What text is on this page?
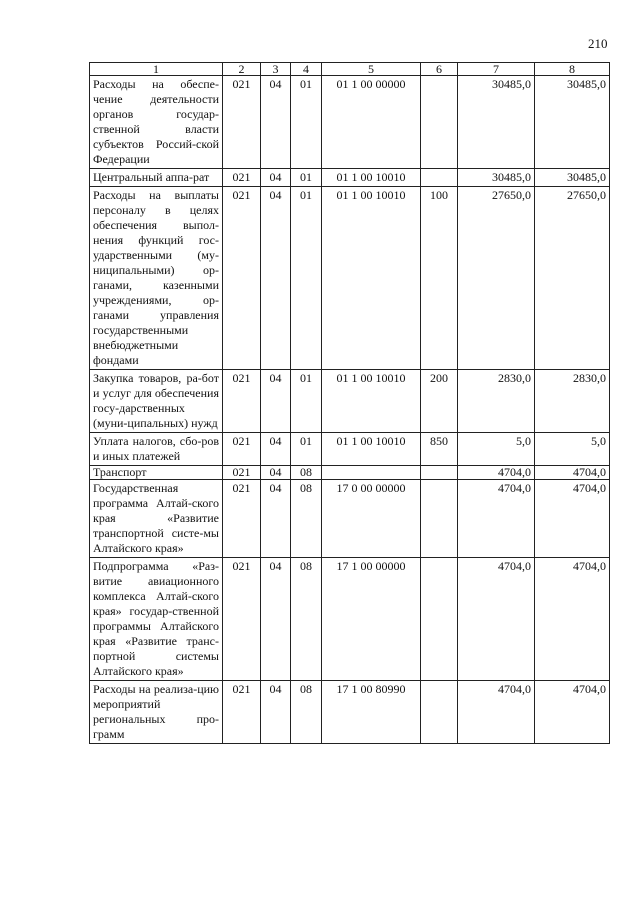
210
1	2	3	4	5	6	7	8
Расходы на обеспе-чение деятельности органов государ-ственной власти субъектов Россий-ской Федерации	021	04	01	01 1 00 00000		30485,0	30485,0
Центральный аппа-рат	021	04	01	01 1 00 10010		30485,0	30485,0
Расходы на выплаты персоналу в целях обеспечения выпол-нения функций гос-ударственными (му-ниципальными) ор-ганами, казенными учреждениями, ор-ганами управления государственными внебюджетными фондами	021	04	01	01 1 00 10010	100	27650,0	27650,0
Закупка товаров, ра-бот и услуг для обеспечения госу-дарственных (муни-ципальных) нужд	021	04	01	01 1 00 10010	200	2830,0	2830,0
Уплата налогов, сбо-ров и иных платежей	021	04	01	01 1 00 10010	850	5,0	5,0
Транспорт	021	04	08			4704,0	4704,0
Государственная программа Алтай-ского края «Развитие транспортной систе-мы Алтайского края»	021	04	08	17 0 00 00000		4704,0	4704,0
Подпрограмма «Раз-витие авиационного комплекса Алтай-ского края» государ-ственной программы Алтайского края «Развитие транс-портной системы Алтайского края»	021	04	08	17 1 00 00000		4704,0	4704,0
Расходы на реализа-цию мероприятий региональных про-грамм	021	04	08	17 1 00 80990		4704,0	4704,0
